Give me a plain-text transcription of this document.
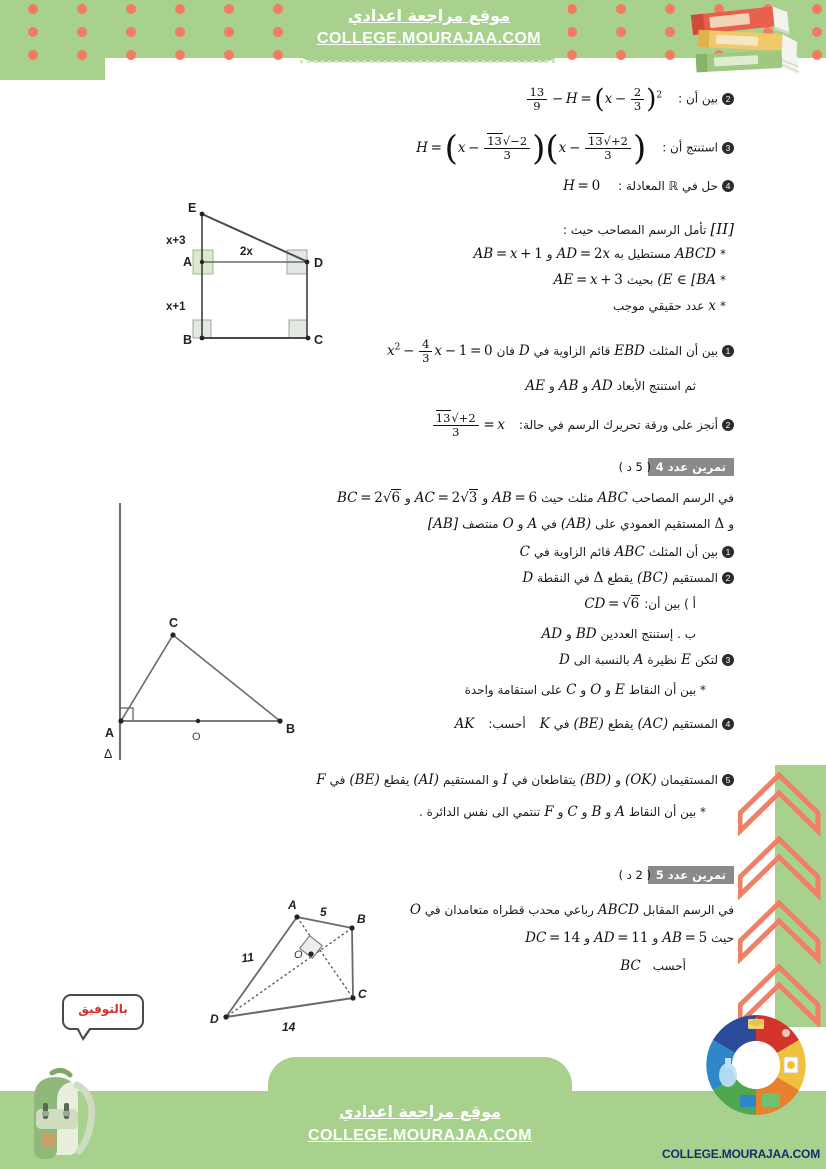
موقع مراجعة اعدادي
COLLEGE.MOURAJAA.COM
2 بين أن : $H = (x - \frac{2}{3} )^2$ − 
$\frac{13}{9}$
3 استنتج أن : $H = (x - \frac{2-√13}{3} )(x - \frac{2+√13}{3}$ )
4 حل في ℝ المعادلة : H = 0
[II] تأمل الرسم المصاحب حيث :
* ABCD مستطيل به AD = 2x و AB = x + 1
* E ∈ [BA) بحيث AE = x + 3
* x عدد حقيقي موجب
1 بين أن المثلث EBD قائم الزاوية في D فان $x^2 - \frac{4}{3}$ x − 1 = 0
ثم استنتج الأبعاد AD و AB و AE
2 أنجز على ورقة تحريرك الرسم في حالة: x = 
$\frac{2+√13}{3}$
E
A	D
B	C
x+3
x+1
2x
تمرين عدد 4
( 5 د )
في الرسم المصاحب ABC مثلث حيث AB = 6 و AC = 2√3 و BC = 2√6
و Δ المستقيم العمودي على (AB) في A و O منتصف [AB]
1 بين أن المثلث ABC قائم الزاوية في C
2 المستقيم (BC) يقطع Δ في النقطة D
أ ) بين أن: CD = √6
ب . إستنتج العددين BD و AD
3 لتكن E نظيرة A بالنسبة الى D
* بين أن النقاط E و O و C على استقامة واحدة
4 المستقيم (AC) يقطع (BE) في K أحسب: AK
5 المستقيمان (OK) و (BD) يتقاطعان في I و المستقيم (AI) يقطع (BE) في F
* بين أن النقاط A و B و C و F تنتمي الى نفس الدائرة .
A	B
C
O
Δ
تمرين عدد 5
( 2 د )
في الرسم المقابل ABCD رباعي محدب قطراه متعامدان في O
حيث AB = 5 و AD = 11 و DC = 14
أحسب BC
A
B
C
D
O
5
11
14
بالتوفيق
موقع مراجعة اعدادي
COLLEGE.MOURAJAA.COM
COLLEGE.MOURAJAA.COM
